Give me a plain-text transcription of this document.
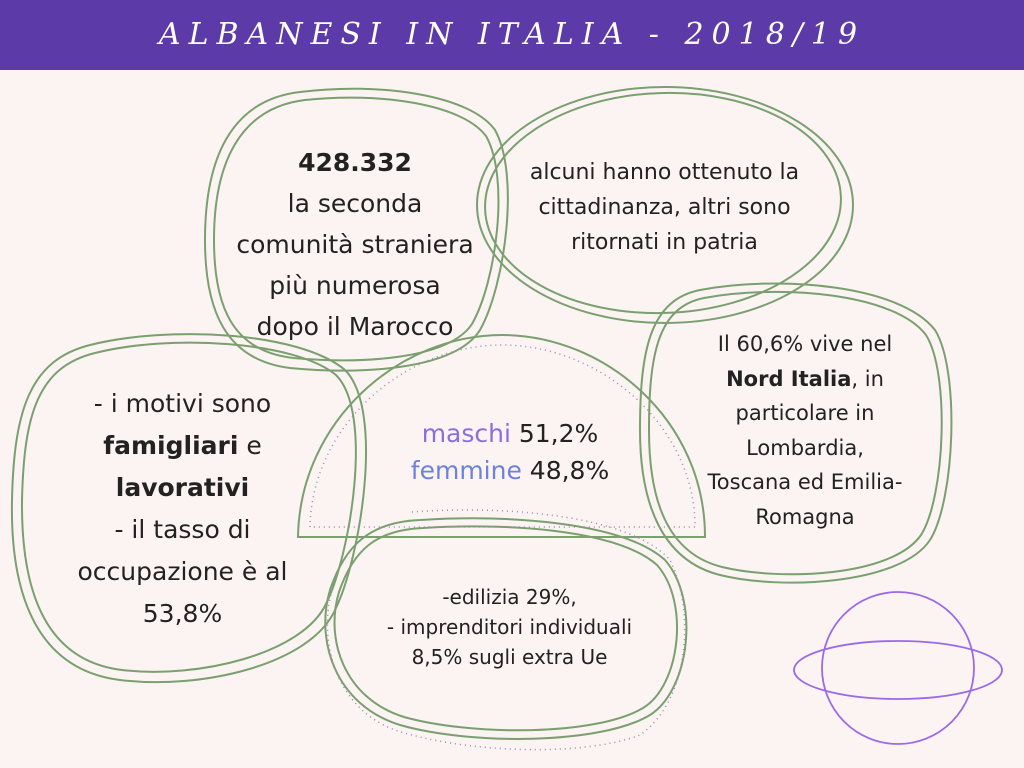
ALBANESI IN ITALIA - 2018/19
428.332
la seconda
comunità straniera
più numerosa
dopo il Marocco
alcuni hanno ottenuto la
cittadinanza, altri sono
ritornati in patria
- i motivi sono
famigliari e
lavorativi
- il tasso di
occupazione è al
53,8%
maschi 51,2%
femmine 48,8%
Il 60,6% vive nel
Nord Italia, in
particolare in
Lombardia,
Toscana ed Emilia-
Romagna
-edilizia 29%,
- imprenditori individuali
8,5% sugli extra Ue
